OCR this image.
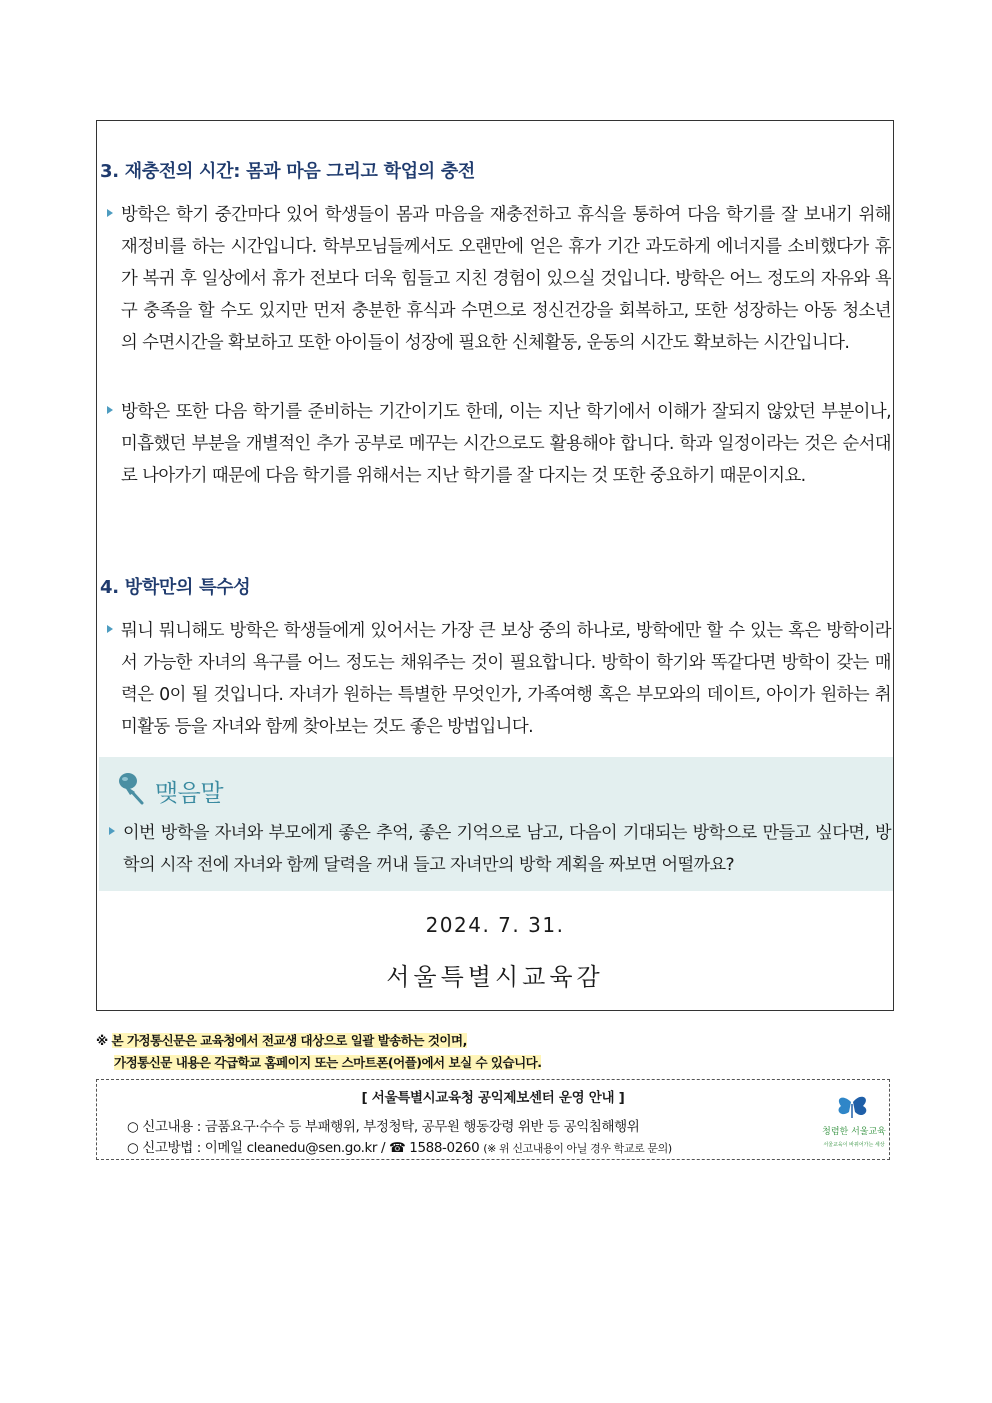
3. 재충전의 시간: 몸과 마음 그리고 학업의 충전

방학은 학기 중간마다 있어 학생들이 몸과 마음을 재충전하고 휴식을 통하여 다음 학기를 잘 보내기 위해 재정비를 하는 시간입니다. 학부모님들께서도 오랜만에 얻은 휴가 기간 과도하게 에너지를 소비했다가 휴가 복귀 후 일상에서 휴가 전보다 더욱 힘들고 지친 경험이 있으실 것입니다. 방학은 어느 정도의 자유와 욕구 충족을 할 수도 있지만 먼저 충분한 휴식과 수면으로 정신건강을 회복하고, 또한 성장하는 아동 청소년의 수면시간을 확보하고 또한 아이들이 성장에 필요한 신체활동, 운동의 시간도 확보하는 시간입니다.

방학은 또한 다음 학기를 준비하는 기간이기도 한데, 이는 지난 학기에서 이해가 잘되지 않았던 부분이나, 미흡했던 부분을 개별적인 추가 공부로 메꾸는 시간으로도 활용해야 합니다. 학과 일정이라는 것은 순서대로 나아가기 때문에 다음 학기를 위해서는 지난 학기를 잘 다지는 것 또한 중요하기 때문이지요.

4. 방학만의 특수성

뭐니 뭐니해도 방학은 학생들에게 있어서는 가장 큰 보상 중의 하나로, 방학에만 할 수 있는 혹은 방학이라서 가능한 자녀의 욕구를 어느 정도는 채워주는 것이 필요합니다. 방학이 학기와 똑같다면 방학이 갖는 매력은 0이 될 것입니다. 자녀가 원하는 특별한 무엇인가, 가족여행 혹은 부모와의 데이트, 아이가 원하는 취미활동 등을 자녀와 함께 찾아보는 것도 좋은 방법입니다.

맺음말

이번 방학을 자녀와 부모에게 좋은 추억, 좋은 기억으로 남고, 다음이 기대되는 방학으로 만들고 싶다면, 방학의 시작 전에 자녀와 함께 달력을 꺼내 들고 자녀만의 방학 계획을 짜보면 어떨까요?

2024. 7. 31.
서울특별시교육감
※ 본 가정통신문은 교육청에서 전교생 대상으로 일괄 발송하는 것이며,
가정통신문 내용은 각급학교 홈페이지 또는 스마트폰(어플)에서 보실 수 있습니다.
[ 서울특별시교육청 공익제보센터 운영 안내 ]
○ 신고내용 : 금품요구·수수 등 부패행위, 부정청탁, 공무원 행동강령 위반 등 공익침해행위
○ 신고방법 : 이메일 cleanedu@sen.go.kr / ☎ 1588-0260 (※ 위 신고내용이 아닐 경우 학교로 문의)
청렴한 서울교육
서울교육이 바뀌어가는 세상
